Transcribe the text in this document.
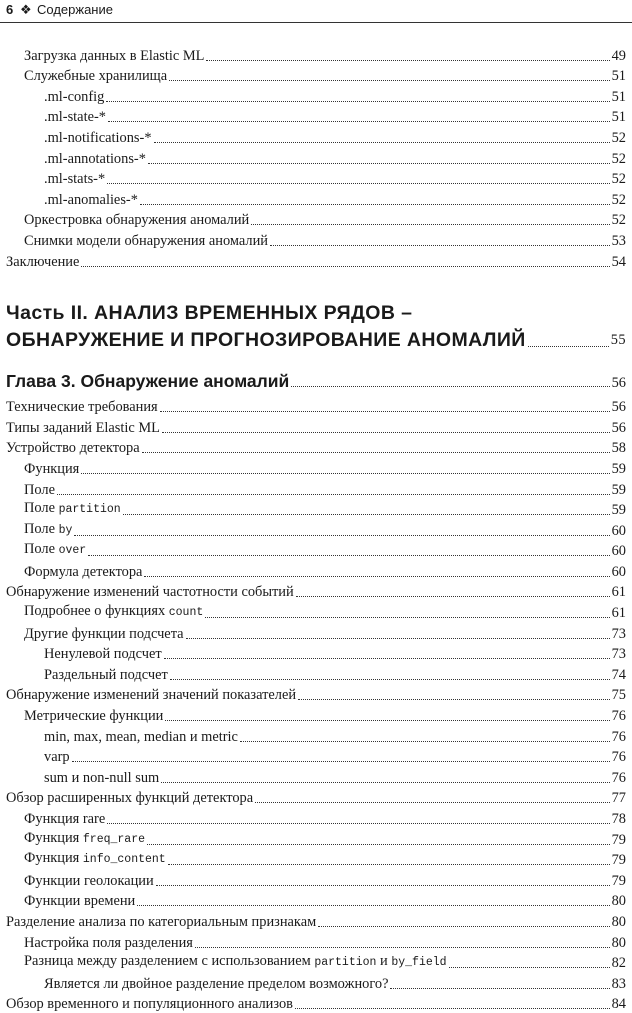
6 ❖ Содержание
Загрузка данных в Elastic ML	49
Служебные хранилища	51
.ml-config	51
.ml-state-*	51
.ml-notifications-*	52
.ml-annotations-*	52
.ml-stats-*	52
.ml-anomalies-*	52
Оркестровка обнаружения аномалий	52
Снимки модели обнаружения аномалий	53
Заключение	54
Часть II. АНАЛИЗ ВРЕМЕННЫХ РЯДОВ –
ОБНАРУЖЕНИЕ И ПРОГНОЗИРОВАНИЕ АНОМАЛИЙ	55
Глава 3. Обнаружение аномалий	56
Технические требования	56
Типы заданий Elastic ML	56
Устройство детектора	58
Функция	59
Поле	59
Поле partition	59
Поле by	60
Поле over	60
Формула детектора	60
Обнаружение изменений частотности событий	61
Подробнее о функциях count	61
Другие функции подсчета	73
Ненулевой подсчет	73
Раздельный подсчет	74
Обнаружение изменений значений показателей	75
Метрические функции	76
min, max, mean, median и metric	76
varp	76
sum и non-null sum	76
Обзор расширенных функций детектора	77
Функция rare	78
Функция freq_rare	79
Функция info_content	79
Функции геолокации	79
Функции времени	80
Разделение анализа по категориальным признакам	80
Настройка поля разделения	80
Разница между разделением с использованием partition и by_field	82
Является ли двойное разделение пределом возможного?	83
Обзор временного и популяционного анализов	84
